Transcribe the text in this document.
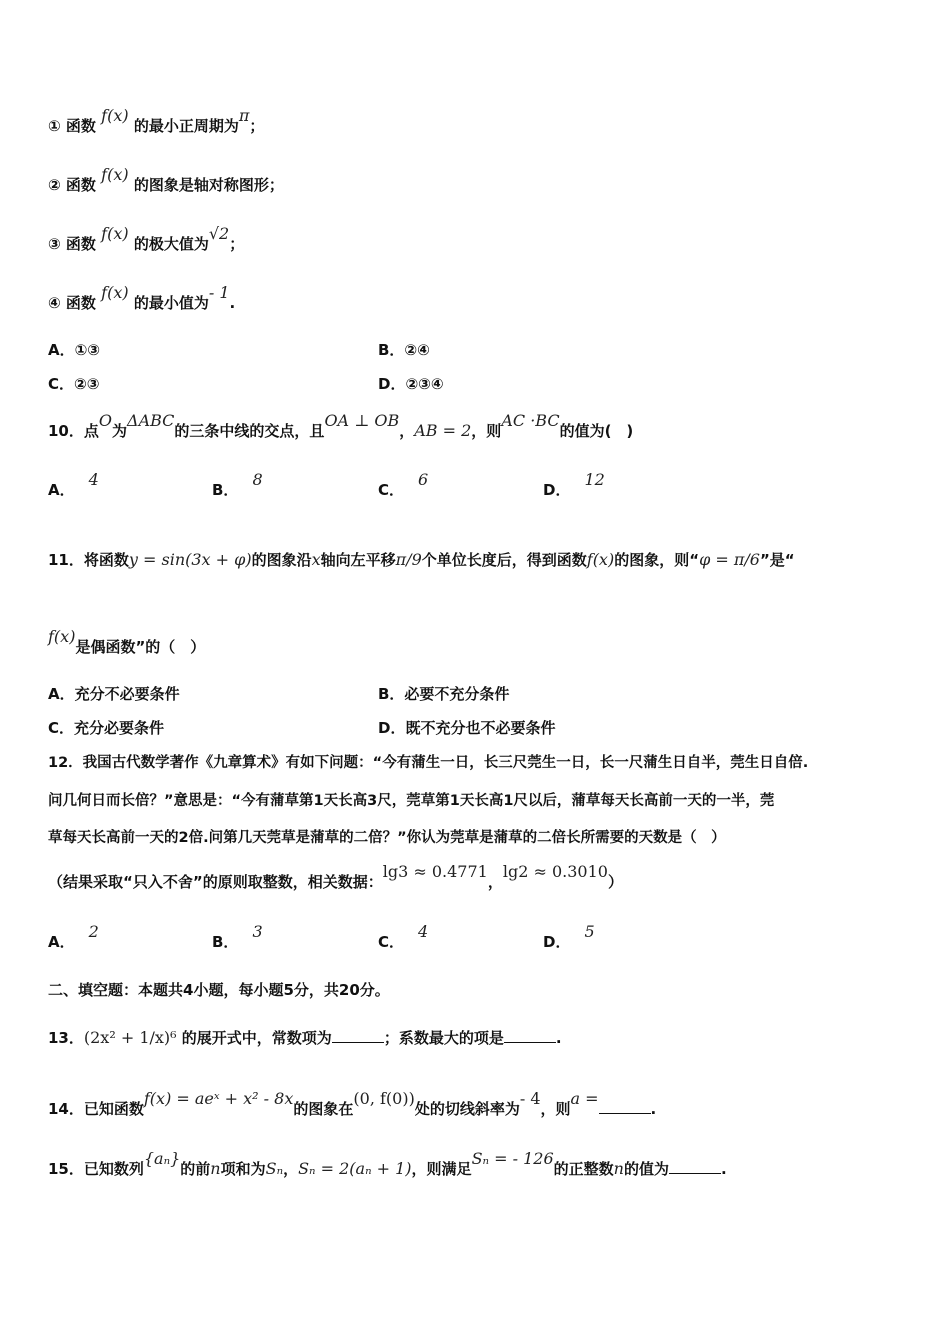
① 函数 f(x) 的最小正周期为π；
② 函数 f(x) 的图象是轴对称图形；
③ 函数 f(x) 的极大值为√2；
④ 函数 f(x) 的最小值为- 1.
A．①③	B．②④
C．②③	D．②③④
10．点O为ΔABC的三条中线的交点，且OA ⊥ OB，AB = 2，则AC ·BC的值为(　)
A．4
B．8
C．6
D．12
11．将函数y = sin(3x + φ)的图象沿x轴向左平移π/9个单位长度后，得到函数f(x)的图象，则“φ = π/6”是“
f(x)是偶函数”的（　）
A．充分不必要条件	B．必要不充分条件
C．充分必要条件	D．既不充分也不必要条件
12．我国古代数学著作《九章算术》有如下问题：“今有蒲生一日，长三尺莞生一日，长一尺蒲生日自半，莞生日自倍.
问几何日而长倍？”意思是：“今有蒲草第1天长高3尺，莞草第1天长高1尺以后，蒲草每天长高前一天的一半，莞
草每天长高前一天的2倍.问第几天莞草是蒲草的二倍？”你认为莞草是蒲草的二倍长所需要的天数是（　）
（结果采取“只入不舍”的原则取整数，相关数据：lg3 ≈ 0.4771，lg2 ≈ 0.3010）
A．2
B．3
C．4
D．5
二、填空题：本题共4小题，每小题5分，共20分。
13．(2x² + 1/x)⁶ 的展开式中，常数项为	；系数最大的项是	.
14．已知函数f(x) = aeˣ + x² - 8x的图象在(0, f(0))处的切线斜率为- 4，则a =.
15．已知数列{aₙ}的前n项和为Sₙ，Sₙ = 2(aₙ + 1)，则满足Sₙ = - 126的正整数n的值为	.
